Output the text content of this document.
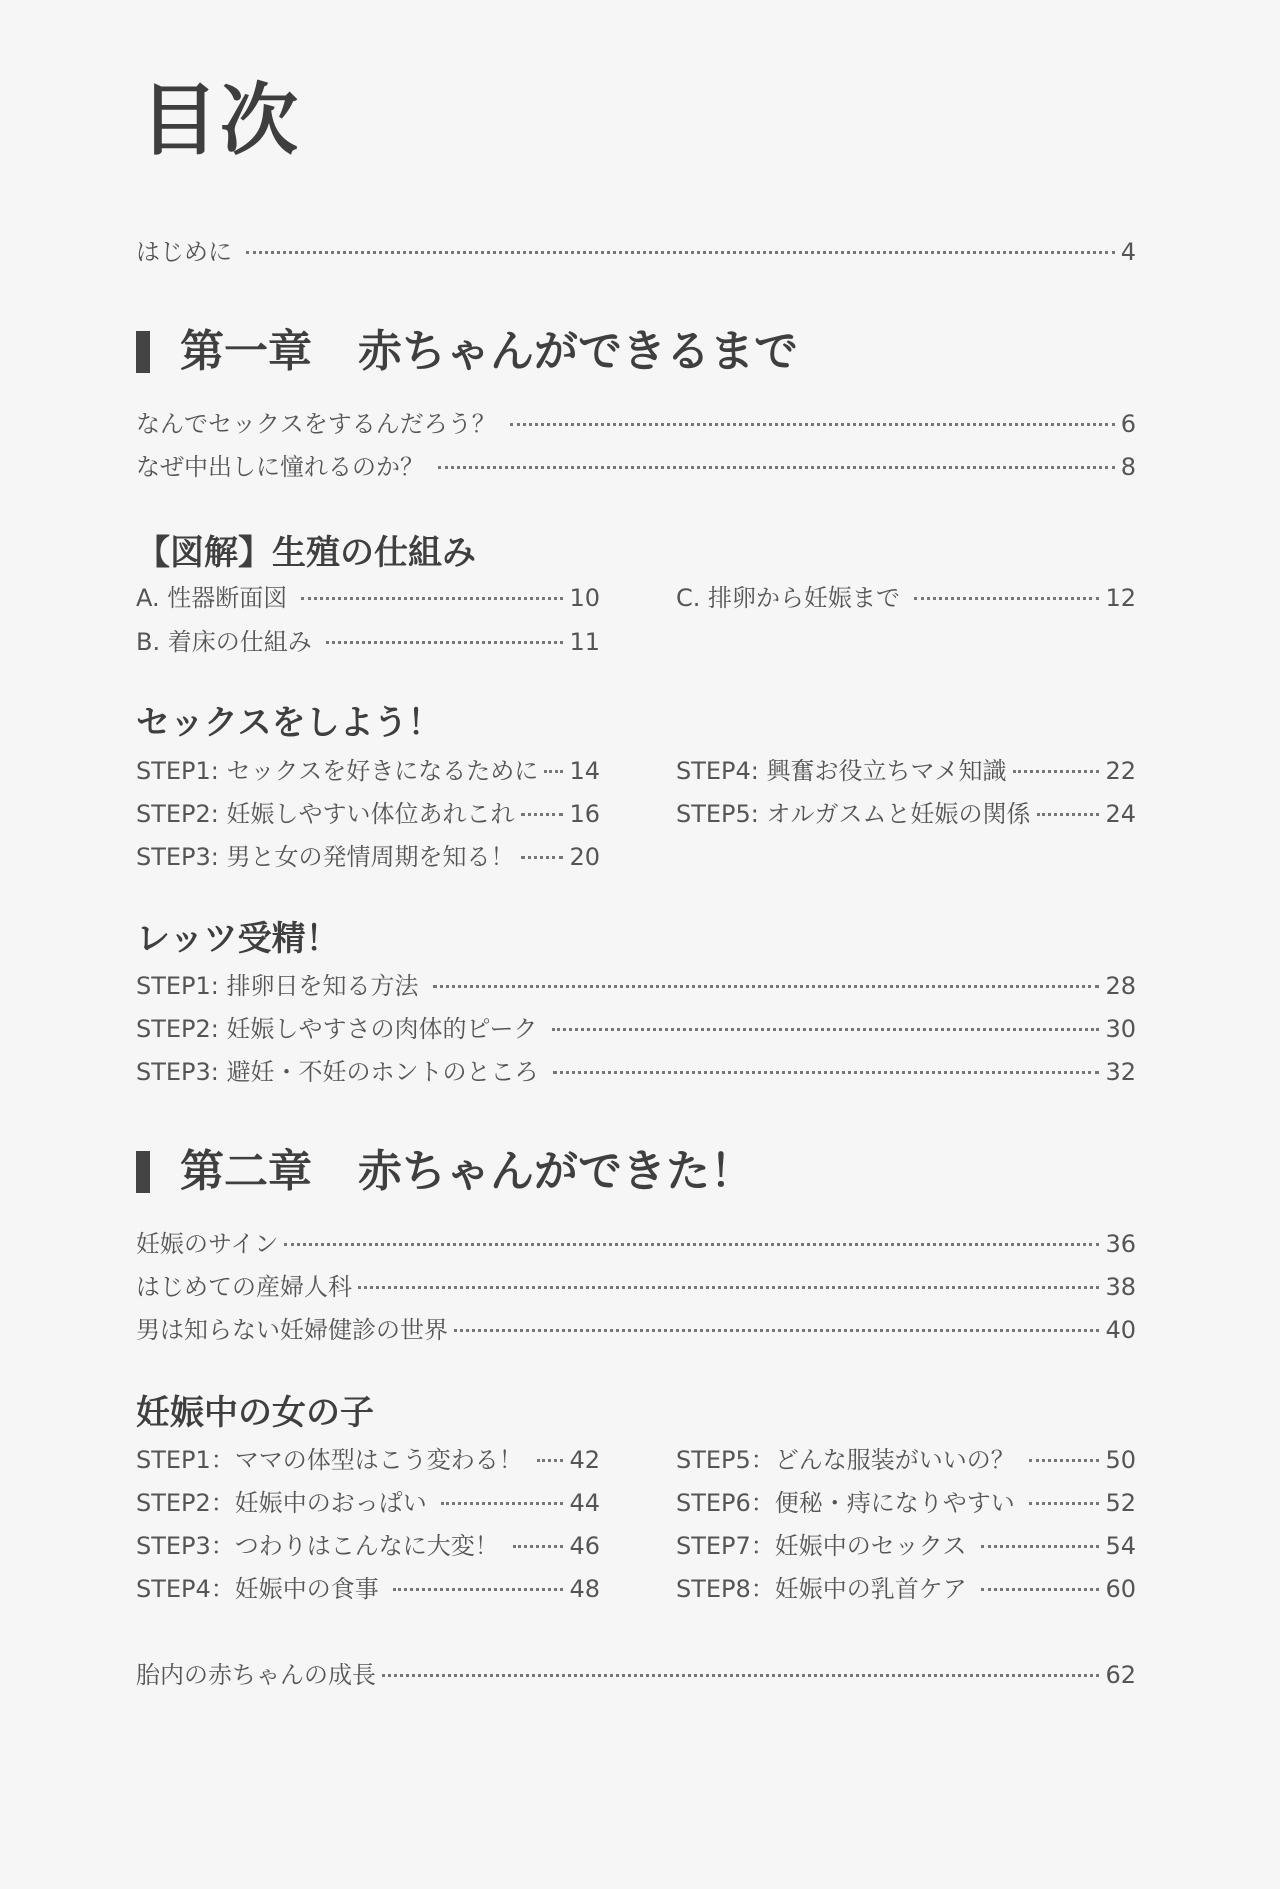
目次
はじめに	4
第一章 赤ちゃんができるまで
なんでセックスをするんだろう？	6
なぜ中出しに憧れるのか？	8
【図解】生殖の仕組み
A. 性器断面図	10
B. 着床の仕組み	11
C. 排卵から妊娠まで	12
セックスをしよう！
STEP1: セックスを好きになるために 14
STEP2: 妊娠しやすい体位あれこれ 16
STEP3: 男と女の発情周期を知る！ 20
STEP4: 興奮お役立ちマメ知識	22
STEP5: オルガスムと妊娠の関係	24
レッツ受精！
STEP1: 排卵日を知る方法	28
STEP2: 妊娠しやすさの肉体的ピーク	30
STEP3: 避妊・不妊のホントのところ	32
第二章 赤ちゃんができた！
妊娠のサイン	36
はじめての産婦人科	38
男は知らない妊婦健診の世界	40
妊娠中の女の子
STEP1：ママの体型はこう変わる！ 42
STEP2：妊娠中のおっぱい	44
STEP3：つわりはこんなに大変！	46
STEP4：妊娠中の食事	48
STEP5：どんな服装がいいの？	50
STEP6：便秘・痔になりやすい	52
STEP7：妊娠中のセックス	54
STEP8：妊娠中の乳首ケア	60
胎内の赤ちゃんの成長	62
